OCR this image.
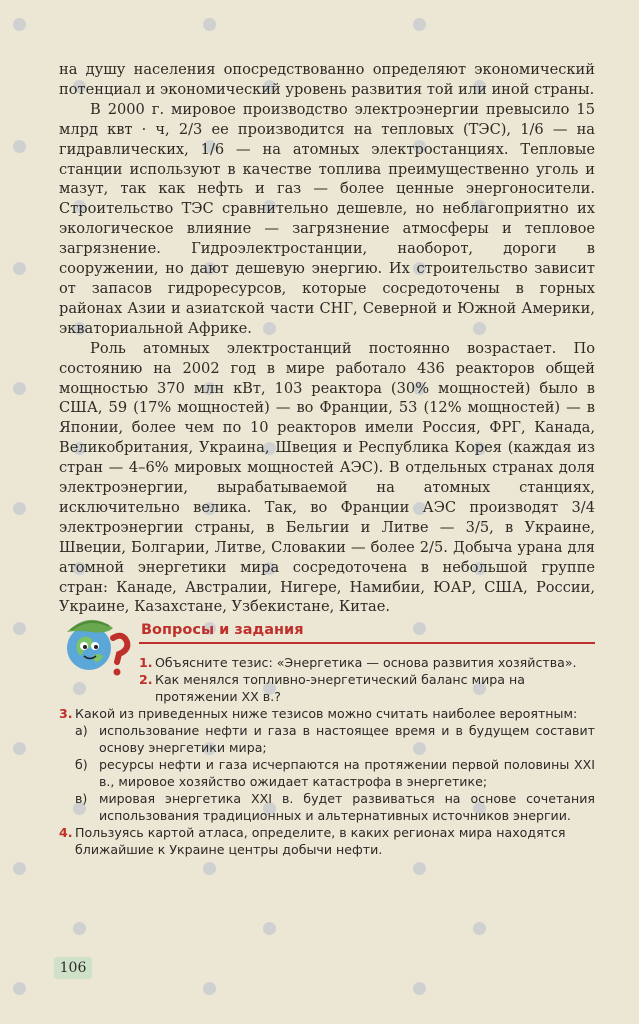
на душу населения опосредствованно определяют экономический потенциал и экономический уровень развития той или иной страны.

В 2000 г. мировое производство электроэнергии превысило 15 млрд квт · ч, 2/3 ее производится на тепловых (ТЭС), 1/6 — на гидравлических, 1/6 — на атомных электростанциях. Тепловые станции используют в качестве топлива преимущественно уголь и мазут, так как нефть и газ — более ценные энергоносители. Строительство ТЭС сравнительно дешевле, но неблагоприятно их экологическое влияние — загрязнение атмосферы и тепловое загрязнение. Гидроэлектростанции, наоборот, дороги в сооружении, но дают дешевую энергию. Их строительство зависит от запасов гидроресурсов, которые сосредоточены в горных районах Азии и азиатской части СНГ, Северной и Южной Америки, экваториальной Африке.

Роль атомных электростанций постоянно возрастает. По состоянию на 2002 год в мире работало 436 реакторов общей мощностью 370 млн кВт, 103 реактора (30% мощностей) было в США, 59 (17% мощностей) — во Франции, 53 (12% мощностей) — в Японии, более чем по 10 реакторов имели Россия, ФРГ, Канада, Великобритания, Украина, Швеция и Республика Корея (каждая из стран — 4–6% мировых мощностей АЭС). В отдельных странах доля электроэнергии, вырабатываемой на атомных станциях, исключительно велика. Так, во Франции АЭС производят 3/4 электроэнергии страны, в Бельгии и Литве — 3/5, в Украине, Швеции, Болгарии, Литве, Словакии — более 2/5. Добыча урана для атомной энергетики мира сосредоточена в небольшой группе стран: Канаде, Австралии, Нигере, Намибии, ЮАР, США, России, Украине, Казахстане, Узбекистане, Китае.

Вопросы и задания
1. Объясните тезис: «Энергетика — основа развития хозяйства».
2. Как менялся топливно-энергетический баланс мира на протяжении XX в.?
3. Какой из приведенных ниже тезисов можно считать наиболее вероятным:
а) использование нефти и газа в настоящее время и в будущем составит основу энергетики мира;
б) ресурсы нефти и газа исчерпаются на протяжении первой половины XXI в., мировое хозяйство ожидает катастрофа в энергетике;
в) мировая энергетика XXI в. будет развиваться на основе сочетания использования традиционных и альтернативных источников энергии.
4. Пользуясь картой атласа, определите, в каких регионах мира находятся ближайшие к Украине центры добычи нефти.
106
